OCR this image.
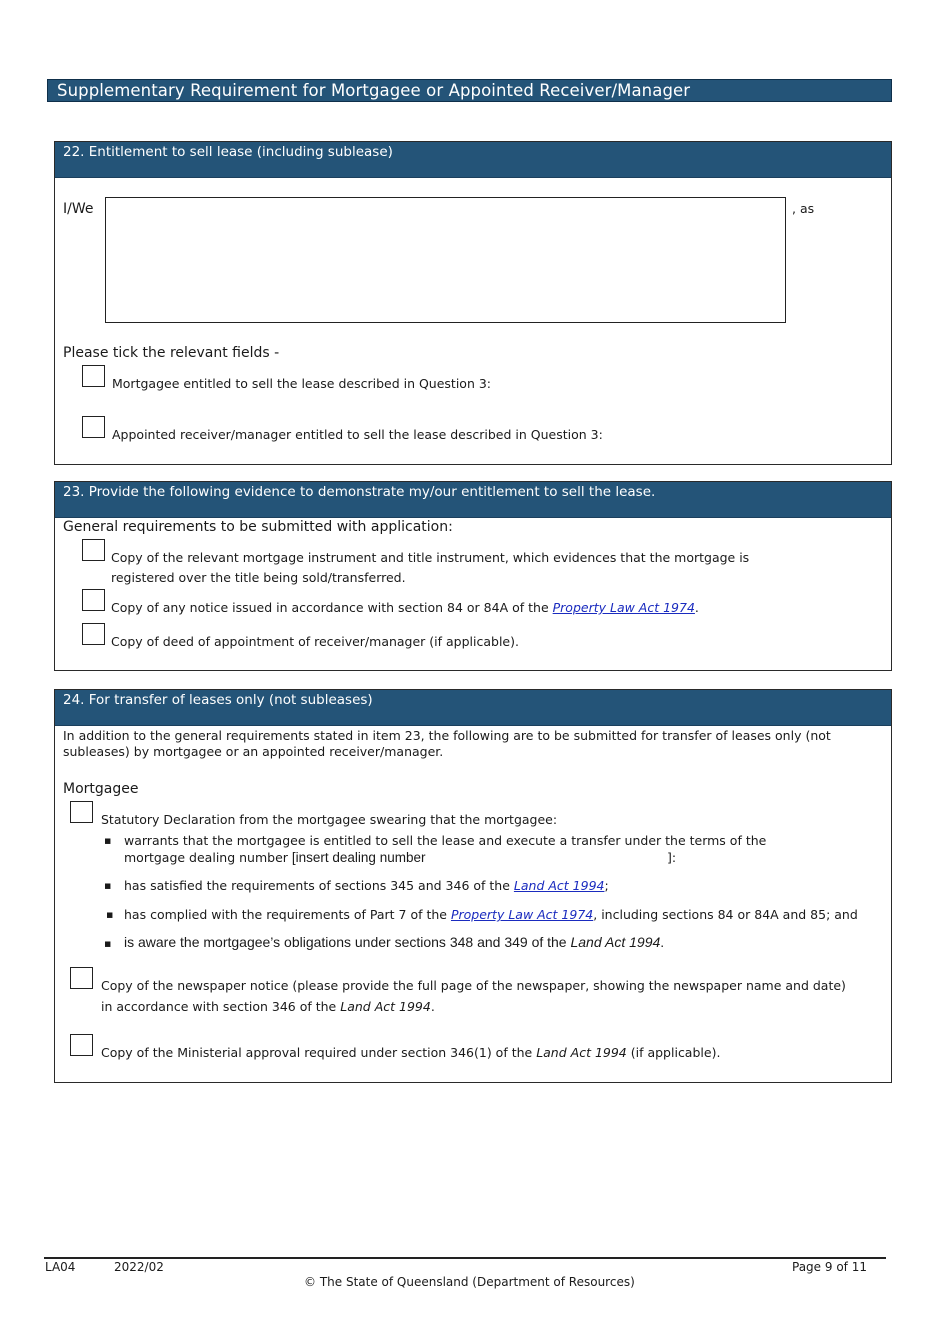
Supplementary Requirement for Mortgagee or Appointed Receiver/Manager
22. Entitlement to sell lease (including sublease)
I/We	, as
Please tick the relevant fields -
Mortgagee entitled to sell the lease described in Question 3:
Appointed receiver/manager entitled to sell the lease described in Question 3:
23. Provide the following evidence to demonstrate my/our entitlement to sell the lease.
General requirements to be submitted with application:
Copy of the relevant mortgage instrument and title instrument, which evidences that the mortgage is
registered over the title being sold/transferred.
Copy of any notice issued in accordance with section 84 or 84A of the Property Law Act 1974.
Copy of deed of appointment of receiver/manager (if applicable).
24. For transfer of leases only (not subleases)
In addition to the general requirements stated in item 23, the following are to be submitted for transfer of leases only (not
subleases) by mortgagee or an appointed receiver/manager.
Mortgagee
Statutory Declaration from the mortgagee swearing that the mortgagee:
▪ warrants that the mortgagee is entitled to sell the lease and execute a transfer under the terms of the
mortgage dealing number [insert dealing number	]:
▪ has satisfied the requirements of sections 345 and 346 of the Land Act 1994;
▪ has complied with the requirements of Part 7 of the Property Law Act 1974, including sections 84 or 84A and 85; and
▪ is aware the mortgagee’s obligations under sections 348 and 349 of the Land Act 1994.
Copy of the newspaper notice (please provide the full page of the newspaper, showing the newspaper name and date)
in accordance with section 346 of the Land Act 1994.
Copy of the Ministerial approval required under section 346(1) of the Land Act 1994 (if applicable).
LA04	2022/02	Page 9 of 11
© The State of Queensland (Department of Resources)
